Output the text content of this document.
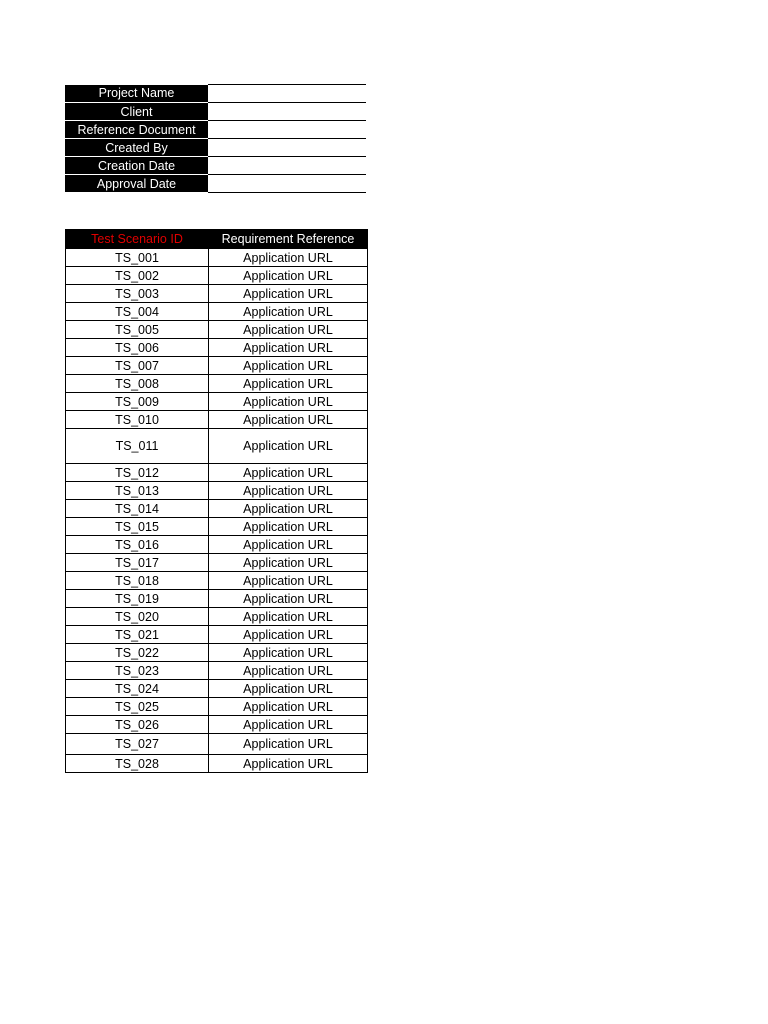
Project Name	
Client	
Reference Document	
Created By	
Creation Date	
Approval Date	
Test Scenario ID	Requirement Reference
TS_001	Application URL
TS_002	Application URL
TS_003	Application URL
TS_004	Application URL
TS_005	Application URL
TS_006	Application URL
TS_007	Application URL
TS_008	Application URL
TS_009	Application URL
TS_010	Application URL
TS_011	Application URL
TS_012	Application URL
TS_013	Application URL
TS_014	Application URL
TS_015	Application URL
TS_016	Application URL
TS_017	Application URL
TS_018	Application URL
TS_019	Application URL
TS_020	Application URL
TS_021	Application URL
TS_022	Application URL
TS_023	Application URL
TS_024	Application URL
TS_025	Application URL
TS_026	Application URL
TS_027	Application URL
TS_028	Application URL
